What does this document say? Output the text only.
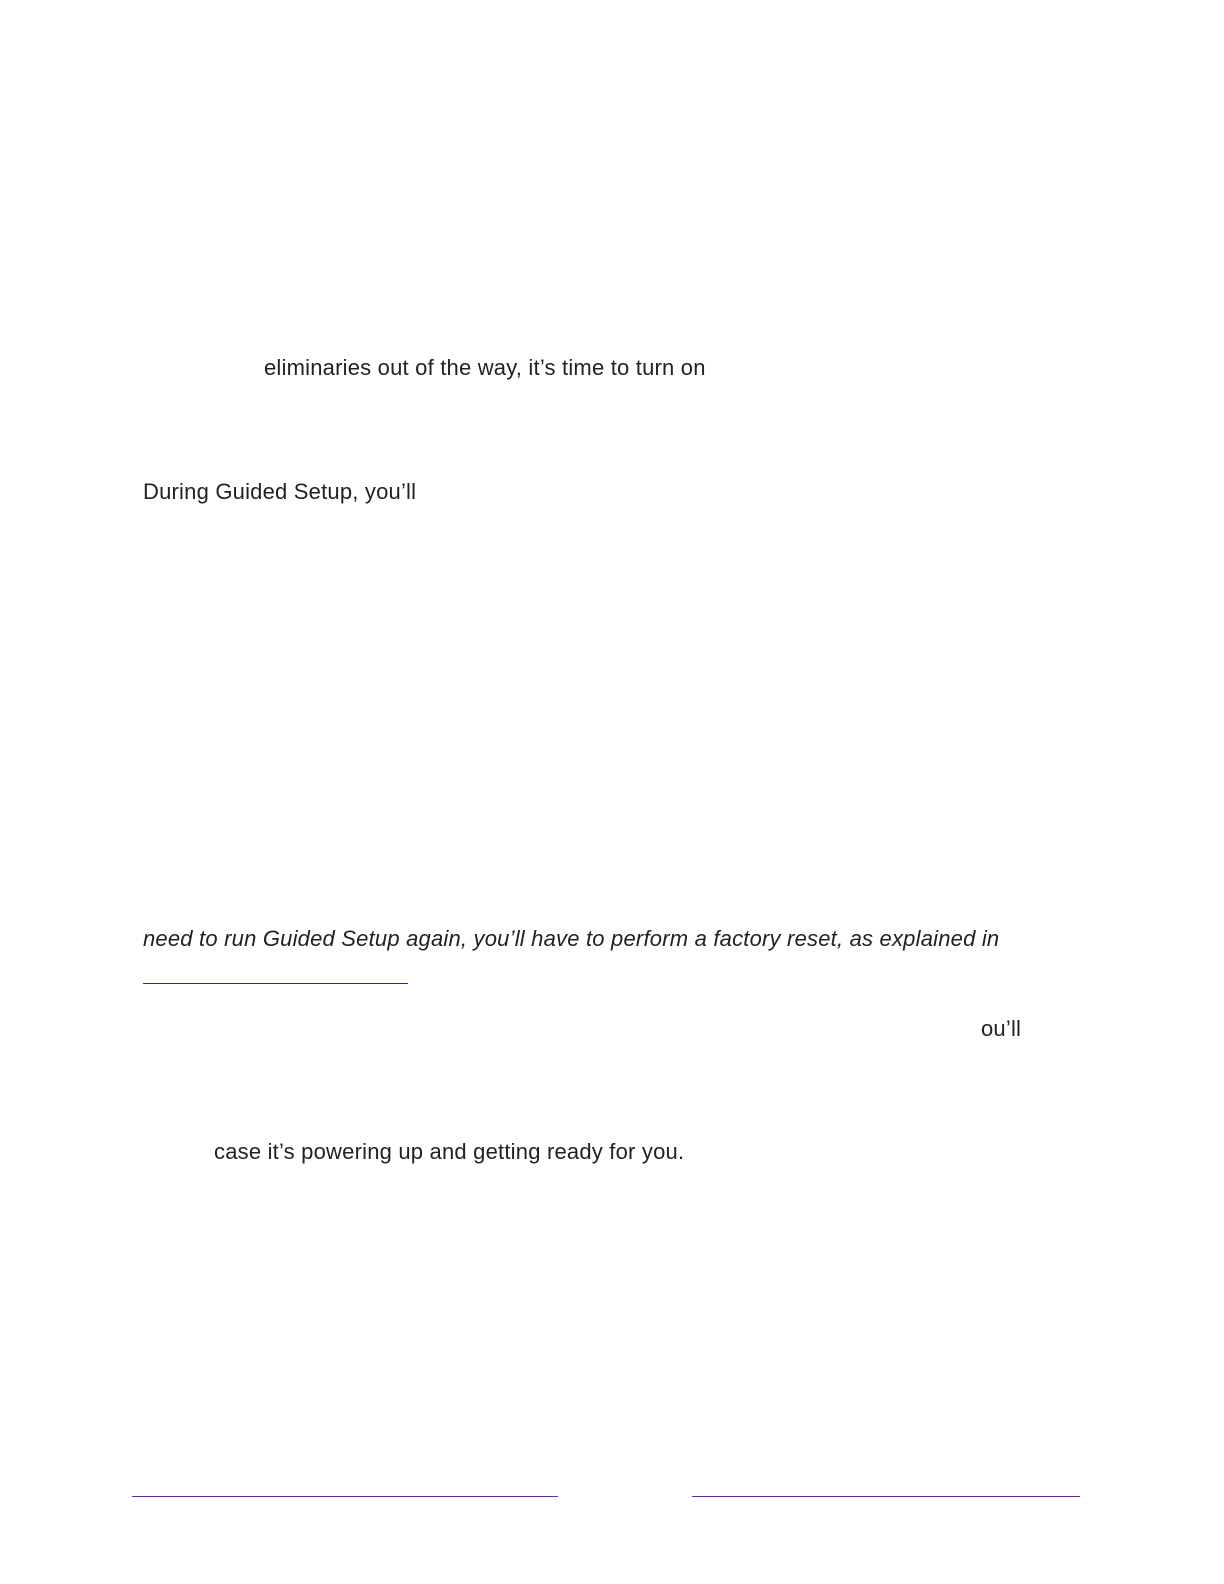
eliminaries out of the way, it’s time to turn on
During Guided Setup, you’ll
need to run Guided Setup again, you’ll have to perform a factory reset, as explained in
ou’ll
case it’s powering up and getting ready for you.
